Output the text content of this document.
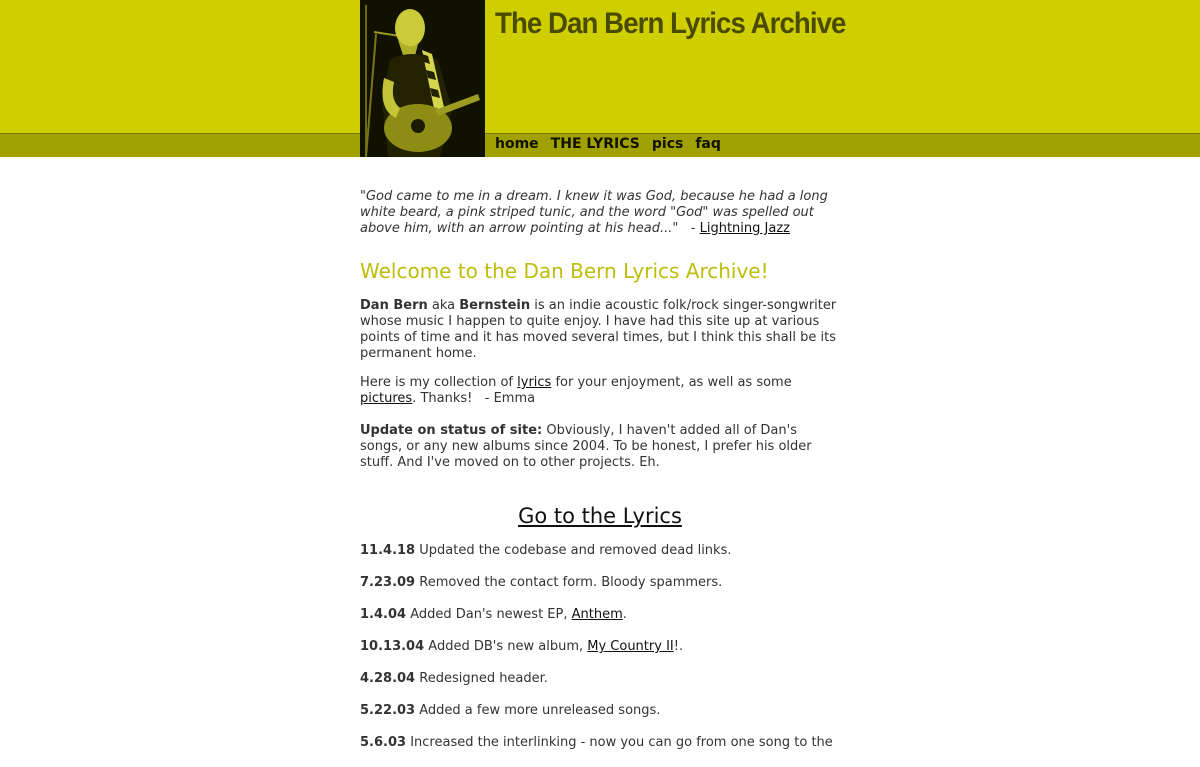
The Dan Bern Lyrics Archive
home THE LYRICS pics faq

"God came to me in a dream. I knew it was God, because he had a long white beard, a pink striped tunic, and the word "God" was spelled out above him, with an arrow pointing at his head..."   - Lightning Jazz

Welcome to the Dan Bern Lyrics Archive!

Dan Bern aka Bernstein is an indie acoustic folk/rock singer-songwriter whose music I happen to quite enjoy. I have had this site up at various points of time and it has moved several times, but I think this shall be its permanent home.

Here is my collection of lyrics for your enjoyment, as well as some pictures. Thanks! - Emma

Update on status of site: Obviously, I haven't added all of Dan's songs, or any new albums since 2004. To be honest, I prefer his older stuff. And I've moved on to other projects. Eh.

Go to the Lyrics
11.4.18 Updated the codebase and removed dead links.
7.23.09 Removed the contact form. Bloody spammers.
1.4.04 Added Dan's newest EP, Anthem.
10.13.04 Added DB's new album, My Country II!.
4.28.04 Redesigned header.
5.22.03 Added a few more unreleased songs.
5.6.03 Increased the interlinking - now you can go from one song to the
